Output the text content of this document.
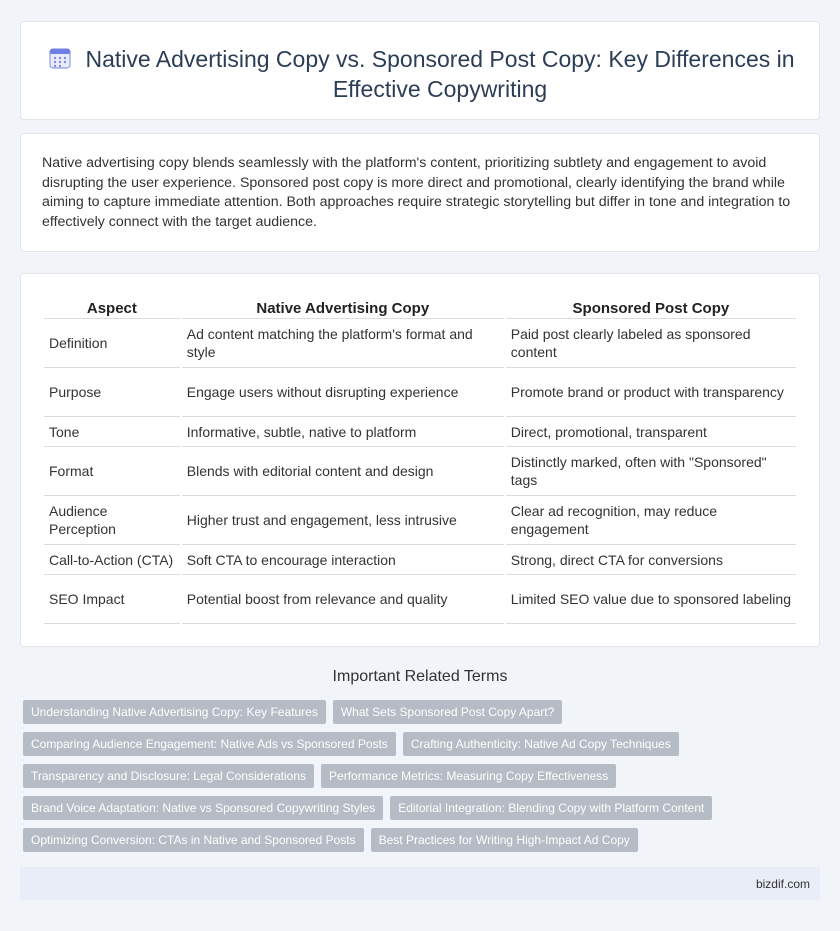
Native Advertising Copy vs. Sponsored Post Copy: Key Differences in Effective Copywriting

Native advertising copy blends seamlessly with the platform's content, prioritizing subtlety and engagement to avoid disrupting the user experience. Sponsored post copy is more direct and promotional, clearly identifying the brand while aiming to capture immediate attention. Both approaches require strategic storytelling but differ in tone and integration to effectively connect with the target audience.

Aspect	Native Advertising Copy	Sponsored Post Copy
Definition	Ad content matching the platform's format and style	Paid post clearly labeled as sponsored content
Purpose	Engage users without disrupting experience	Promote brand or product with transparency
Tone	Informative, subtle, native to platform	Direct, promotional, transparent
Format	Blends with editorial content and design	Distinctly marked, often with "Sponsored" tags
Audience Perception	Higher trust and engagement, less intrusive	Clear ad recognition, may reduce engagement
Call-to-Action (CTA)	Soft CTA to encourage interaction	Strong, direct CTA for conversions
SEO Impact	Potential boost from relevance and quality	Limited SEO value due to sponsored labeling
Important Related Terms
Understanding Native Advertising Copy: Key Features	What Sets Sponsored Post Copy Apart?
Comparing Audience Engagement: Native Ads vs Sponsored Posts	Crafting Authenticity: Native Ad Copy Techniques
Transparency and Disclosure: Legal Considerations	Performance Metrics: Measuring Copy Effectiveness
Brand Voice Adaptation: Native vs Sponsored Copywriting Styles	Editorial Integration: Blending Copy with Platform Content
Optimizing Conversion: CTAs in Native and Sponsored Posts	Best Practices for Writing High-Impact Ad Copy
bizdif.com
